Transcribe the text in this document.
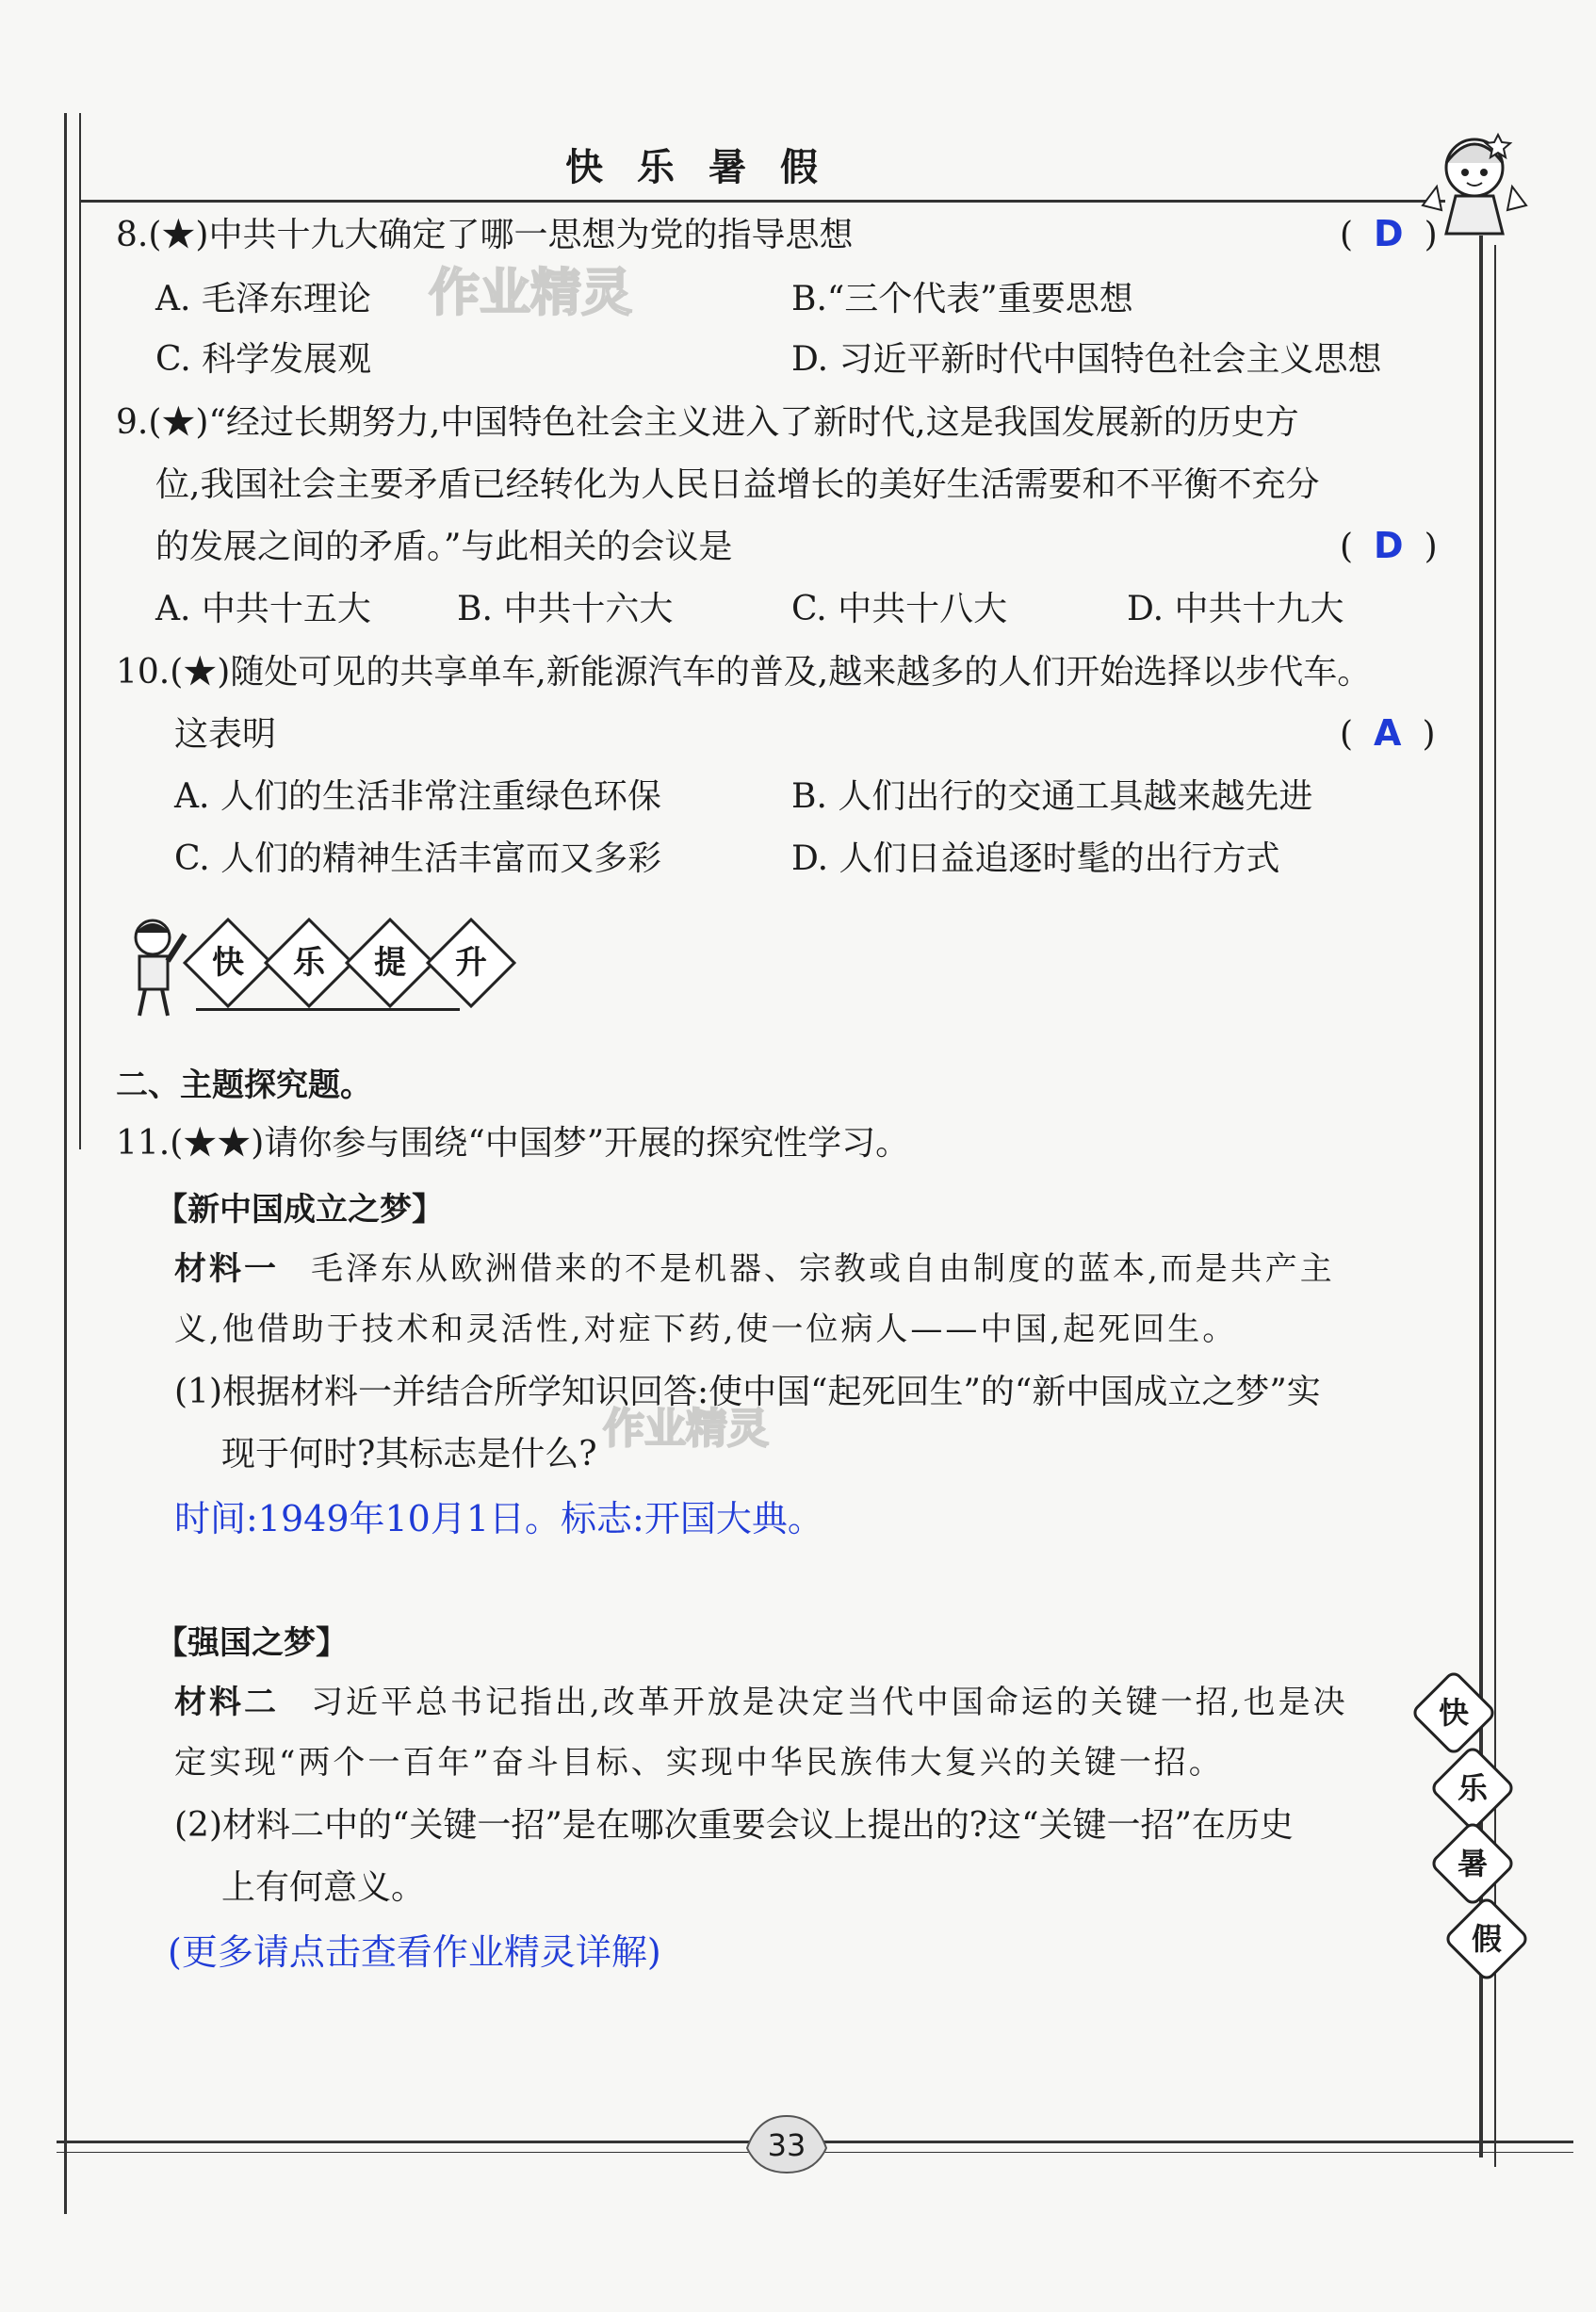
快乐暑假
作业精灵
作业精灵
8.(★)中共十九大确定了哪一思想为党的指导思想	( D )
A. 毛泽东理论	B.“三个代表”重要思想
C. 科学发展观	D. 习近平新时代中国特色社会主义思想
9.(★)“经过长期努力,中国特色社会主义进入了新时代,这是我国发展新的历史方
位,我国社会主要矛盾已经转化为人民日益增长的美好生活需要和不平衡不充分
的发展之间的矛盾。”与此相关的会议是	( D )
A. 中共十五大	B. 中共十六大	C. 中共十八大	D. 中共十九大
10.(★)随处可见的共享单车,新能源汽车的普及,越来越多的人们开始选择以步代车。
这表明	( A )
A. 人们的生活非常注重绿色环保	B. 人们出行的交通工具越来越先进
C. 人们的精神生活丰富而又多彩	D. 人们日益追逐时髦的出行方式
快	乐	提	升
二、主题探究题。
11.(★★)请你参与围绕“中国梦”开展的探究性学习。
【新中国成立之梦】
材料一 毛泽东从欧洲借来的不是机器、宗教或自由制度的蓝本,而是共产主
义,他借助于技术和灵活性,对症下药,使一位病人——中国,起死回生。
(1)根据材料一并结合所学知识回答:使中国“起死回生”的“新中国成立之梦”实
现于何时?其标志是什么?
时间:1949年10月1日。标志:开国大典。
【强国之梦】
材料二 习近平总书记指出,改革开放是决定当代中国命运的关键一招,也是决
定实现“两个一百年”奋斗目标、实现中华民族伟大复兴的关键一招。
(2)材料二中的“关键一招”是在哪次重要会议上提出的?这“关键一招”在历史
上有何意义。
(更多请点击查看作业精灵详解)
快
乐
暑
假
33
